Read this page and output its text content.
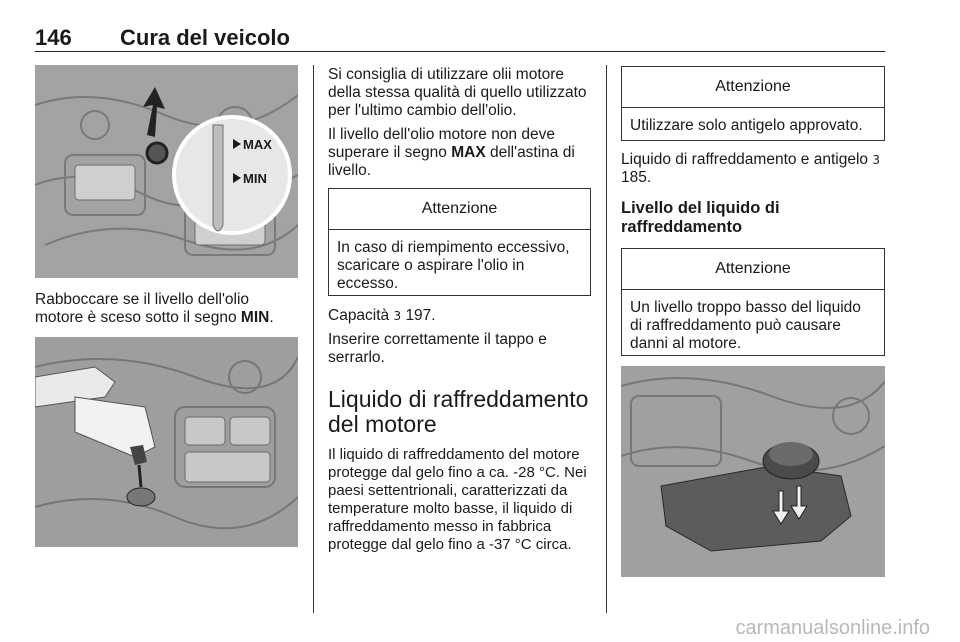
146 Cura del veicolo
MAX
MIN
Rabboccare se il livello dell'olio motore è sceso sotto il segno MIN.
Si consiglia di utilizzare olii motore della stessa qualità di quello utilizzato per l'ultimo cambio dell'olio.
Il livello dell'olio motore non deve superare il segno MAX dell'astina di livello.
Attenzione
In caso di riempimento eccessivo, scaricare o aspirare l'olio in eccesso.
Capacità 3 197.
Inserire correttamente il tappo e serrarlo.
Liquido di raffreddamento del motore
Il liquido di raffreddamento del motore protegge dal gelo fino a ca. -28 °C. Nei paesi settentrionali, caratterizzati da temperature molto basse, il liquido di raffreddamento messo in fabbrica protegge dal gelo fino a -37 °C circa.
Attenzione
Utilizzare solo antigelo approvato.
Liquido di raffreddamento e antigelo 3 185.
Livello del liquido di raffreddamento
Attenzione
Un livello troppo basso del liquido di raffreddamento può causare danni al motore.
carmanualsonline.info
